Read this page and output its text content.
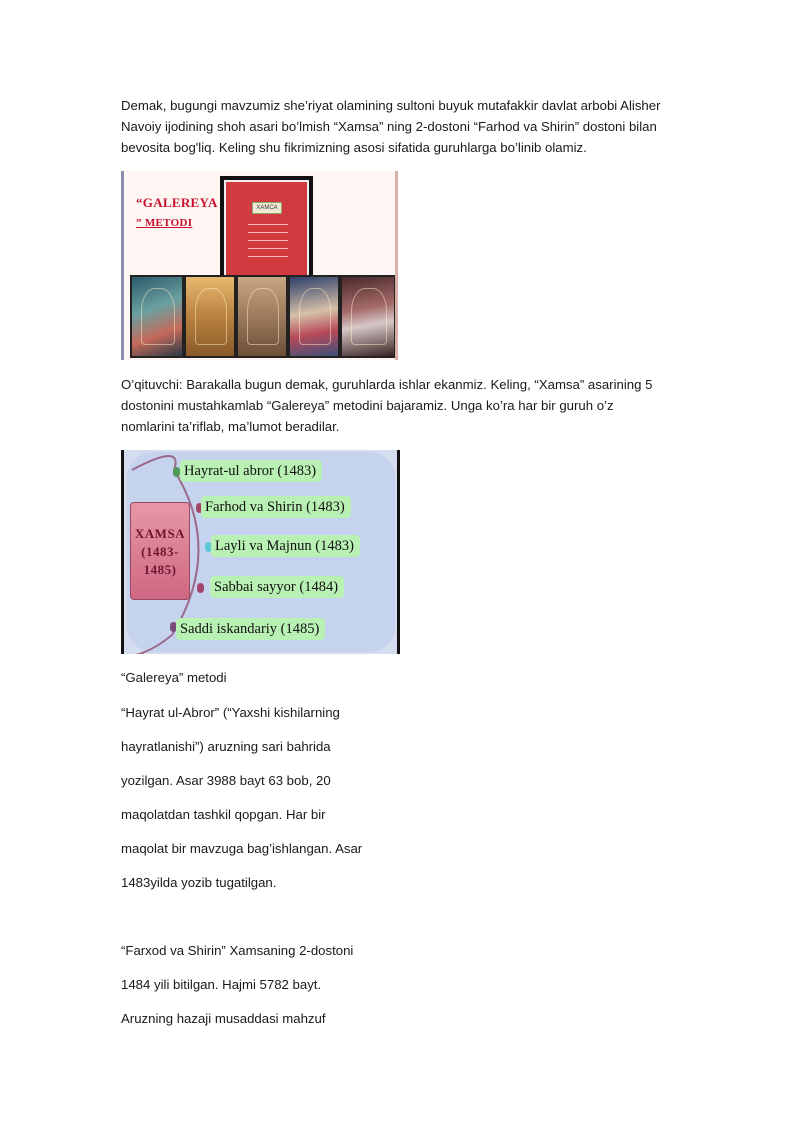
Demak, bugungi mavzumiz she’riyat olamining sultoni buyuk mutafakkir davlat arbobi Alisher
Navoiy ijodining shoh asari bo’lmish “Xamsa” ning 2-dostoni “Farhod va Shirin” dostoni bilan
bevosita bog'liq. Keling shu fikrimizning asosi sifatida guruhlarga bo’linib olamiz.
“GALEREYA
” METODI
ХАМСА
O’qituvchi: Barakalla bugun demak, guruhlarda ishlar ekanmiz. Keling, “Xamsa” asarining 5
dostonini mustahkamlab “Galereya” metodini bajaramiz. Unga ko’ra har bir guruh o’z
nomlarini ta’riflab, ma’lumot beradilar.
XAMSA
(1483-
1485)
Hayrat-ul abror (1483)
Farhod va Shirin (1483)
Layli va Majnun (1483)
Sabbai sayyor (1484)
Saddi iskandariy (1485)
“Galereya” metodi
“Hayrat ul-Abror” (“Yaxshi kishilarning
hayratlanishi”) aruzning sari bahrida
yozilgan. Asar 3988 bayt 63 bob, 20
maqolatdan tashkil qopgan. Har bir
maqolat bir mavzuga bag’ishlangan. Asar
1483yilda yozib tugatilgan.
“Farxod va Shirin” Xamsaning 2-dostoni
1484 yili bitilgan. Hajmi 5782 bayt.
Aruzning hazaji musaddasi mahzuf
